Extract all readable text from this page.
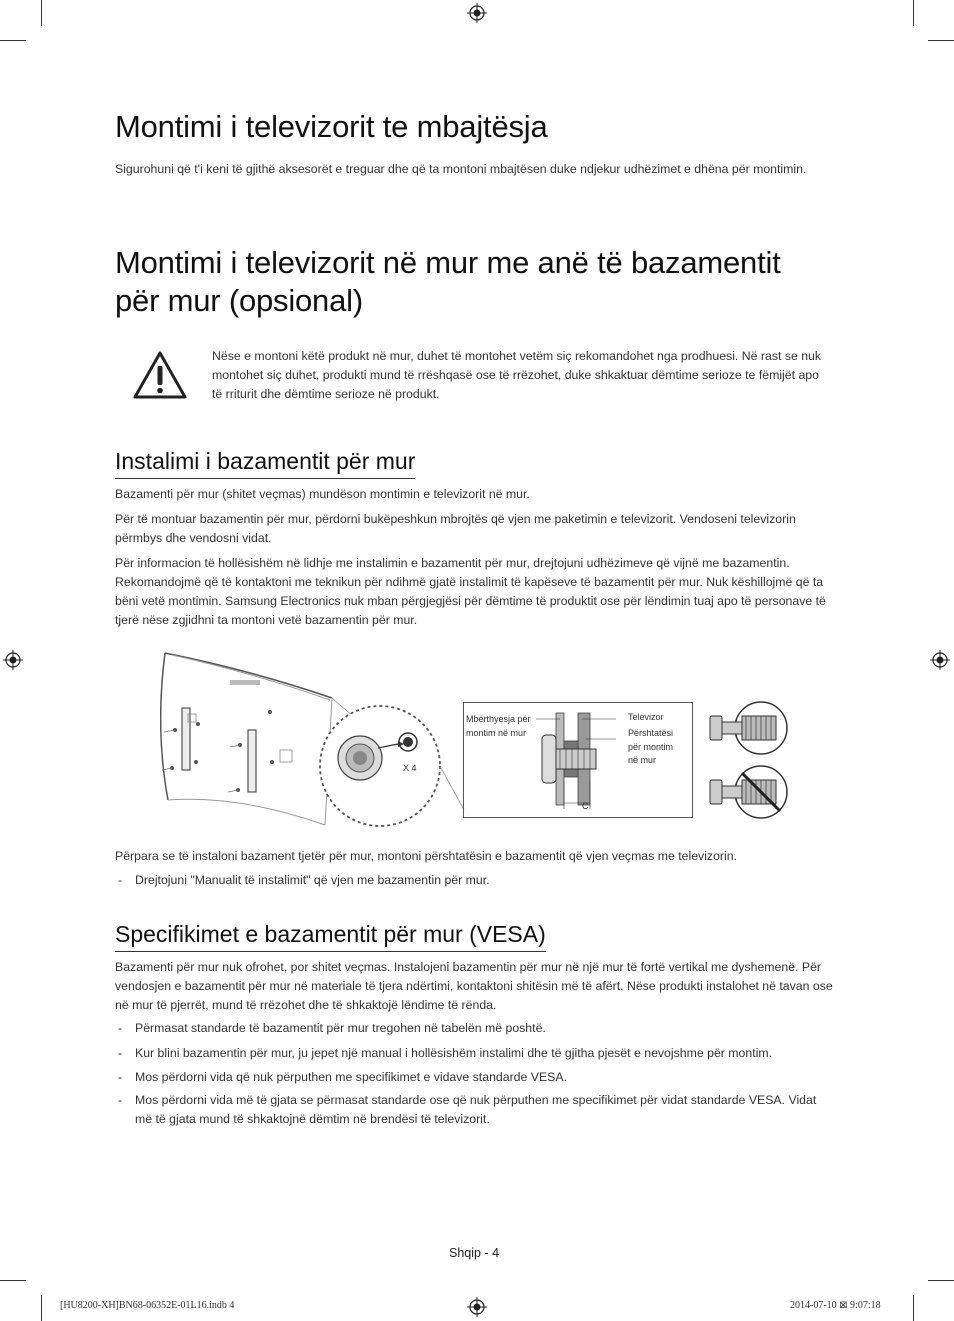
Montimi i televizorit te mbajtësja

Sigurohuni që t'i keni të gjithë aksesorët e treguar dhe që ta montoni mbajtësen duke ndjekur udhëzimet e dhëna për montimin.

Montimi i televizorit në mur me anë të bazamentit
për mur (opsional)

Nëse e montoni këtë produkt në mur, duhet të montohet vetëm siç rekomandohet nga prodhuesi. Në rast se nuk montohet siç duhet, produkti mund të rrëshqasë ose të rrëzohet, duke shkaktuar dëmtime serioze te fëmijët apo të rriturit dhe dëmtime serioze në produkt.

Instalimi i bazamentit për mur

Bazamenti për mur (shitet veçmas) mundëson montimin e televizorit në mur.

Për të montuar bazamentin për mur, përdorni bukëpeshkun mbrojtës që vjen me paketimin e televizorit. Vendoseni televizorin përmbys dhe vendosni vidat.

Për informacion të hollësishëm në lidhje me instalimin e bazamentit për mur, drejtojuni udhëzimeve që vijnë me bazamentin. Rekomandojmë që të kontaktoni me teknikun për ndihmë gjatë instalimit të kapëseve të bazamentit për mur. Nuk këshillojmë që ta bëni vetë montimin. Samsung Electronics nuk mban përgjegjësi për dëmtime të produktit ose për lëndimin tuaj apo të personave të tjerë nëse zgjidhni ta montoni vetë bazamentin për mur.

X 4
Mbërthyesja për
montim në mur
Televizor
Përshtatësi
për montim
në mur
C

Përpara se të instaloni bazament tjetër për mur, montoni përshtatësin e bazamentit që vjen veçmas me televizorin.

- Drejtojuni "Manualit të instalimit" që vjen me bazamentin për mur.
Specifikimet e bazamentit për mur (VESA)

Bazamenti për mur nuk ofrohet, por shitet veçmas. Instalojeni bazamentin për mur në një mur të fortë vertikal me dyshemenë. Për vendosjen e bazamentit për mur në materiale të tjera ndërtimi, kontaktoni shitësin më të afërt. Nëse produkti instalohet në tavan ose në mur të pjerrët, mund të rrëzohet dhe të shkaktojë lëndime të rënda.

- Përmasat standarde të bazamentit për mur tregohen në tabelën më poshtë.
- Kur blini bazamentin për mur, ju jepet një manual i hollësishëm instalimi dhe të gjitha pjesët e nevojshme për montim.
- Mos përdorni vida që nuk përputhen me specifikimet e vidave standarde VESA.
- Mos përdorni vida më të gjata se përmasat standarde ose që nuk përputhen me specifikimet për vidat standarde VESA. Vidat më të gjata mund të shkaktojnë dëmtim në brendësi të televizorit.
Shqip - 4
[HU8200-XH]BN68-06352E-01L16.indb 4	2014-07-10 ⊠ 9:07:18
